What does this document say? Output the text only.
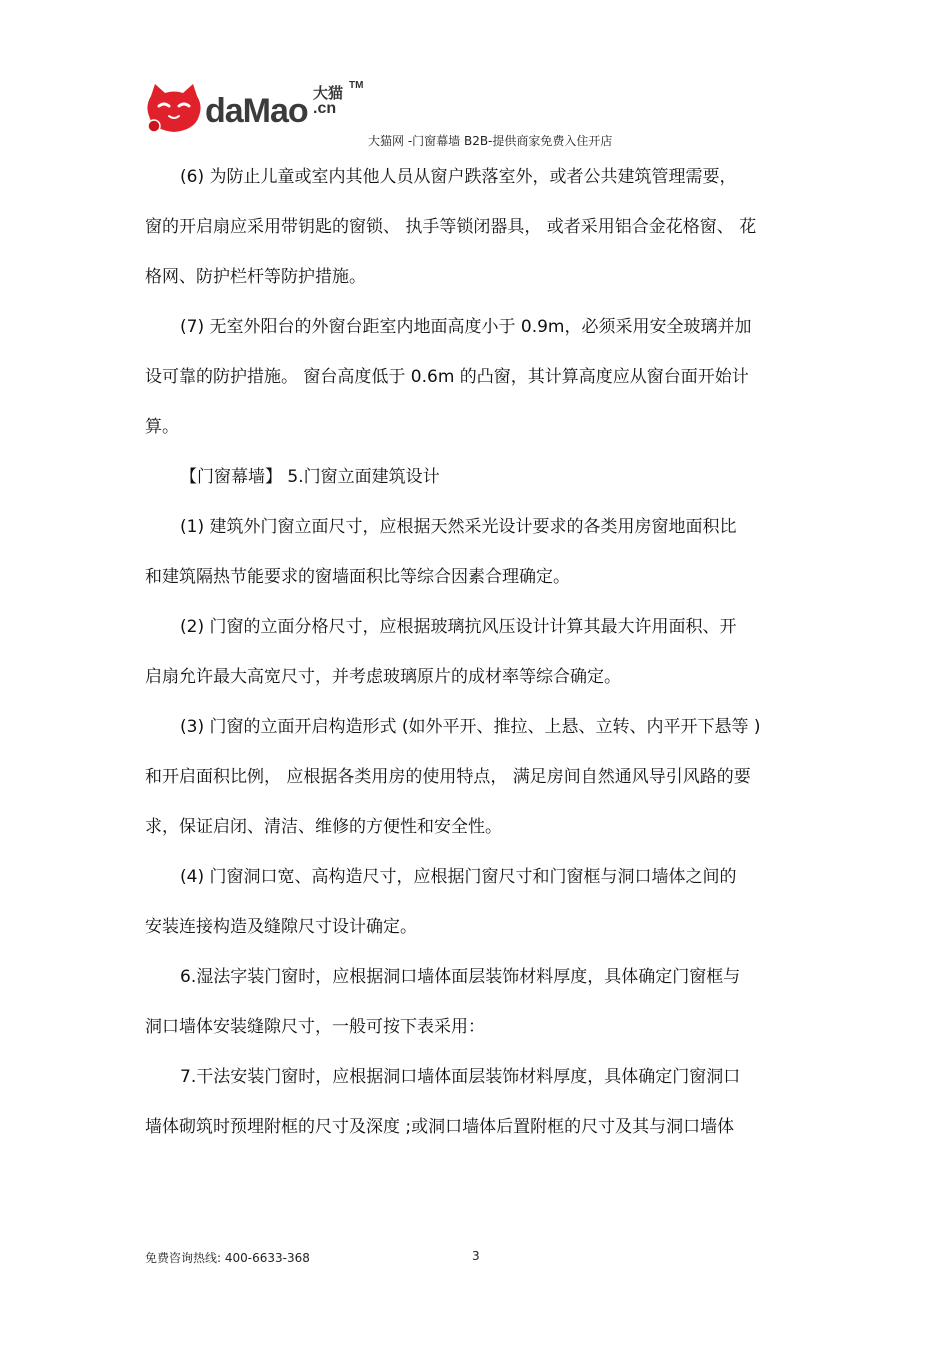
daMao 大猫
.cn
TM
大猫网 -门窗幕墙 B2B-提供商家免费入住开店
(6) 为防止儿童或室内其他人员从窗户跌落室外，或者公共建筑管理需要，
窗的开启扇应采用带钥匙的窗锁、 执手等锁闭器具， 或者采用铝合金花格窗、 花
格网、防护栏杆等防护措施。
(7) 无室外阳台的外窗台距室内地面高度小于 0.9m，必须采用安全玻璃并加
设可靠的防护措施。 窗台高度低于 0.6m 的凸窗，其计算高度应从窗台面开始计
算。
【门窗幕墙】 5.门窗立面建筑设计
(1) 建筑外门窗立面尺寸，应根据天然采光设计要求的各类用房窗地面积比
和建筑隔热节能要求的窗墙面积比等综合因素合理确定。
(2) 门窗的立面分格尺寸，应根据玻璃抗风压设计计算其最大许用面积、开
启扇允许最大高宽尺寸，并考虑玻璃原片的成材率等综合确定。
(3) 门窗的立面开启构造形式 (如外平开、推拉、上悬、立转、内平开下悬等 )
和开启面积比例， 应根据各类用房的使用特点， 满足房间自然通风导引风路的要
求，保证启闭、清洁、维修的方便性和安全性。
(4) 门窗洞口宽、高构造尺寸，应根据门窗尺寸和门窗框与洞口墙体之间的
安装连接构造及缝隙尺寸设计确定。
6.湿法字装门窗时，应根据洞口墙体面层装饰材料厚度，具体确定门窗框与
洞口墙体安装缝隙尺寸，一般可按下表采用：
7.干法安装门窗时，应根据洞口墙体面层装饰材料厚度，具体确定门窗洞口
墙体砌筑时预埋附框的尺寸及深度 ;或洞口墙体后置附框的尺寸及其与洞口墙体
免费咨询热线: 400-6633-368	3
